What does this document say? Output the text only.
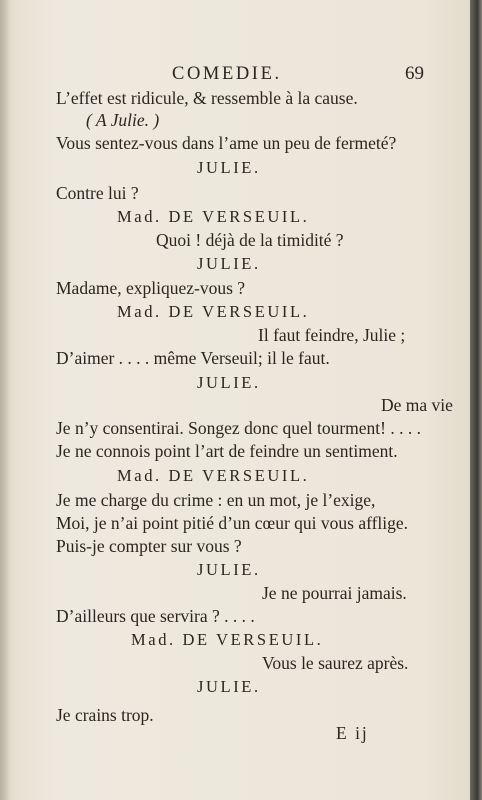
COMEDIE.	69
L’effet est ridicule, & ressemble à la cause.
( A Julie. )
Vous sentez-vous dans l’ame un peu de fermeté?
JULIE.
Contre lui ?
Mad. DE VERSEUIL.
Quoi ! déjà de la timidité ?
JULIE.
Madame, expliquez-vous ?
Mad. DE VERSEUIL.
Il faut feindre, Julie ;
D’aimer . . . . même Verseuil; il le faut.
JULIE.
De ma vie
Je n’y consentirai. Songez donc quel tourment! . . . .
Je ne connois point l’art de feindre un sentiment.
Mad. DE VERSEUIL.
Je me charge du crime : en un mot, je l’exige,
Moi, je n’ai point pitié d’un cœur qui vous afflige.
Puis-je compter sur vous ?
JULIE.
Je ne pourrai jamais.
D’ailleurs que servira ? . . . .
Mad. DE VERSEUIL.
Vous le saurez après.
JULIE.
Je crains trop.
E ij
